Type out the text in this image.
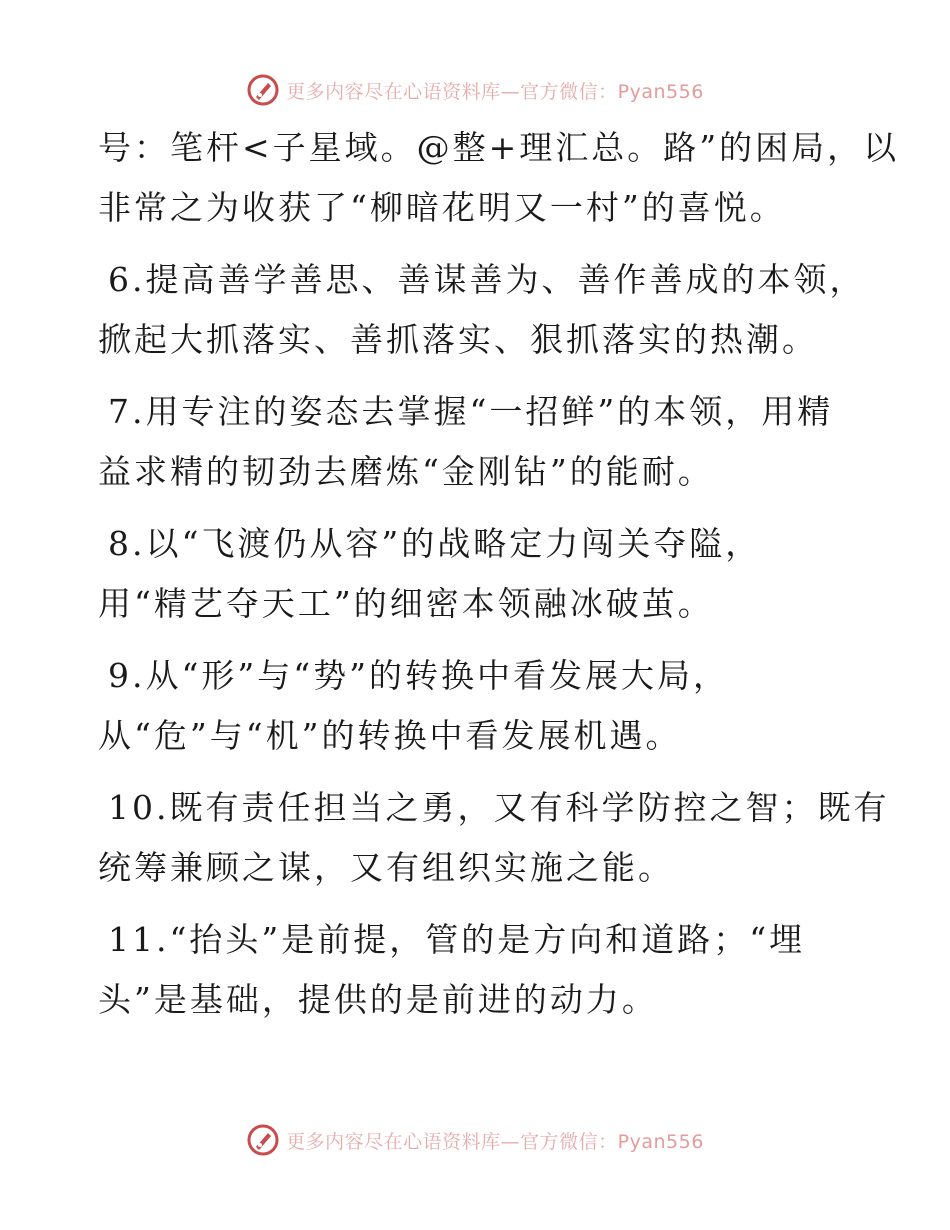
更多内容尽在心语资料库—官方微信：Pyan556
号：笔杆<子星域。@整+理汇总。路”的困局，以
非常之为收获了“柳暗花明又一村”的喜悦。
6.提高善学善思、善谋善为、善作善成的本领，
掀起大抓落实、善抓落实、狠抓落实的热潮。
7.用专注的姿态去掌握“一招鲜”的本领，用精
益求精的韧劲去磨炼“金刚钻”的能耐。
8.以“飞渡仍从容”的战略定力闯关夺隘，
用“精艺夺天工”的细密本领融冰破茧。
9.从“形”与“势”的转换中看发展大局，
从“危”与“机”的转换中看发展机遇。
10.既有责任担当之勇，又有科学防控之智；既有
统筹兼顾之谋，又有组织实施之能。
11.“抬头”是前提，管的是方向和道路；“埋
头”是基础，提供的是前进的动力。
更多内容尽在心语资料库—官方微信：Pyan556
